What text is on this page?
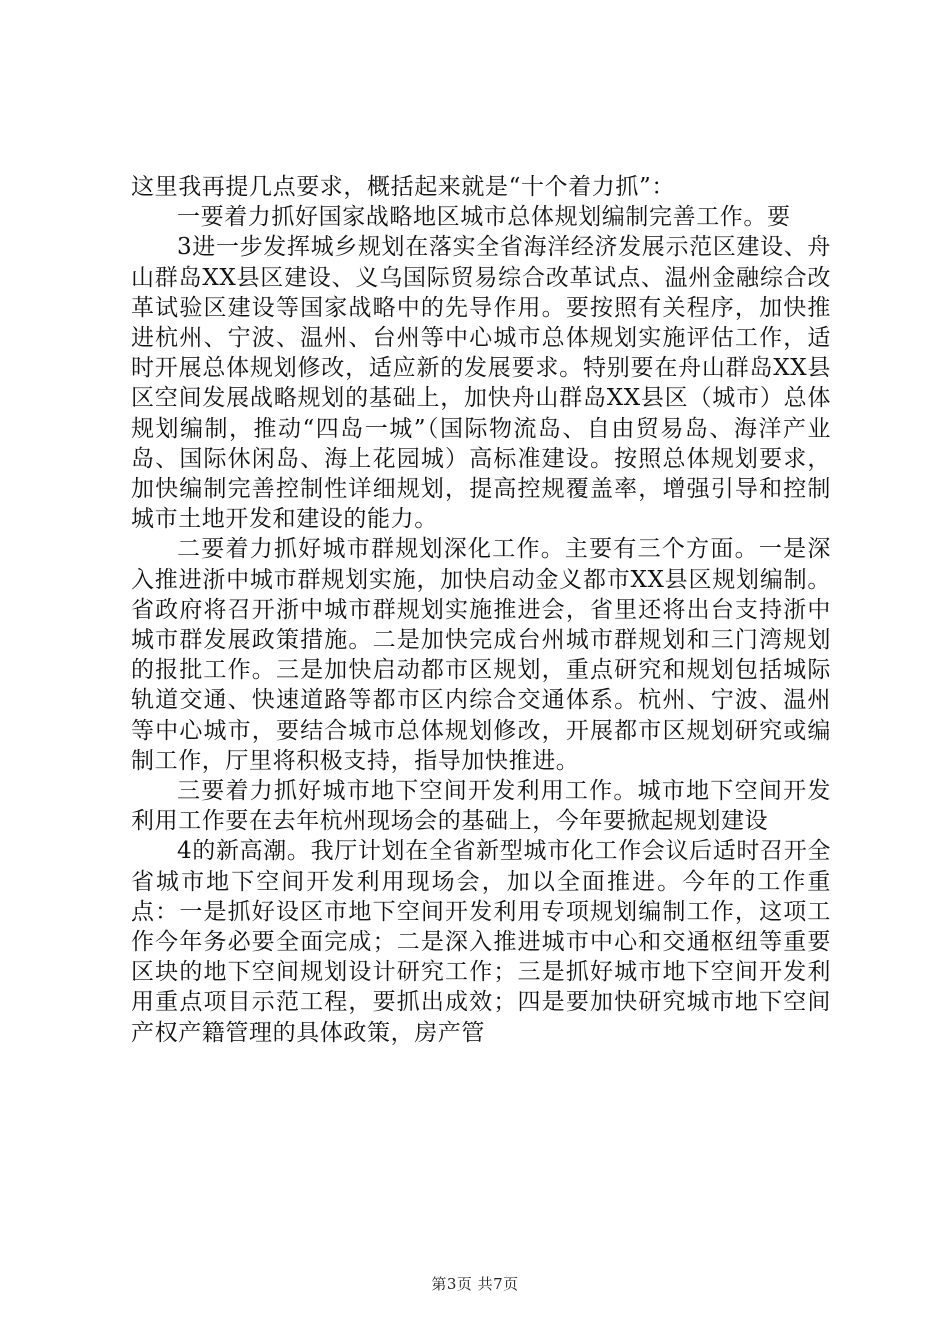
这里我再提几点要求，概括起来就是“十个着力抓”：

一要着力抓好国家战略地区城市总体规划编制完善工作。要

3进一步发挥城乡规划在落实全省海洋经济发展示范区建设、舟山群岛XX县区建设、义乌国际贸易综合改革试点、温州金融综合改革试验区建设等国家战略中的先导作用。要按照有关程序，加快推进杭州、宁波、温州、台州等中心城市总体规划实施评估工作，适时开展总体规划修改，适应新的发展要求。特别要在舟山群岛XX县区空间发展战略规划的基础上，加快舟山群岛XX县区（城市）总体规划编制，推动“四岛一城”（国际物流岛、自由贸易岛、海洋产业岛、国际休闲岛、海上花园城）高标准建设。按照总体规划要求，加快编制完善控制性详细规划，提高控规覆盖率，增强引导和控制城市土地开发和建设的能力。

二要着力抓好城市群规划深化工作。主要有三个方面。一是深入推进浙中城市群规划实施，加快启动金义都市XX县区规划编制。省政府将召开浙中城市群规划实施推进会，省里还将出台支持浙中城市群发展政策措施。二是加快完成台州城市群规划和三门湾规划的报批工作。三是加快启动都市区规划，重点研究和规划包括城际轨道交通、快速道路等都市区内综合交通体系。杭州、宁波、温州等中心城市，要结合城市总体规划修改，开展都市区规划研究或编制工作，厅里将积极支持，指导加快推进。

三要着力抓好城市地下空间开发利用工作。城市地下空间开发利用工作要在去年杭州现场会的基础上，今年要掀起规划建设

4的新高潮。我厅计划在全省新型城市化工作会议后适时召开全省城市地下空间开发利用现场会，加以全面推进。今年的工作重点：一是抓好设区市地下空间开发利用专项规划编制工作，这项工作今年务必要全面完成；二是深入推进城市中心和交通枢纽等重要区块的地下空间规划设计研究工作；三是抓好城市地下空间开发利用重点项目示范工程，要抓出成效；四是要加快研究城市地下空间产权产籍管理的具体政策，房产管

第3页 共7页
